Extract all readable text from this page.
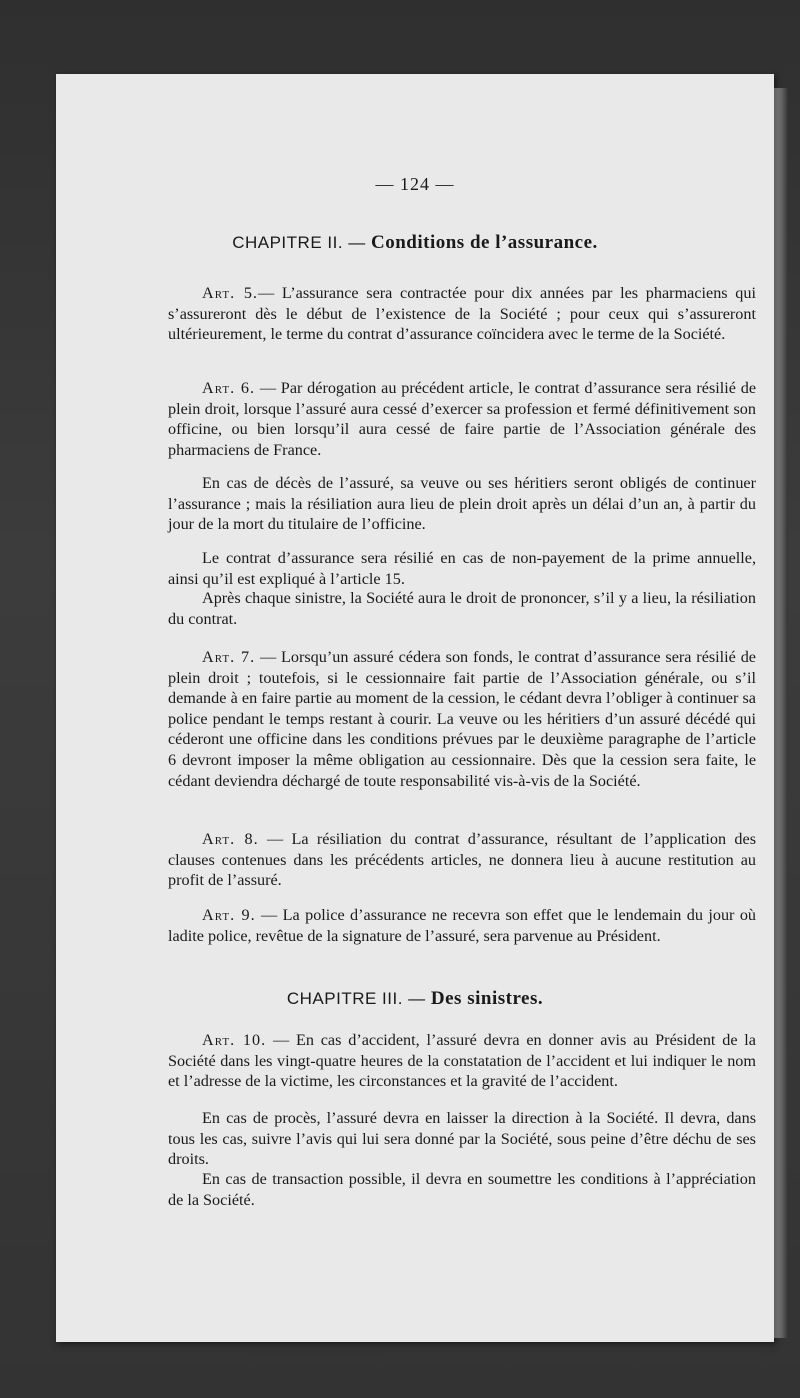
— 124 —
CHAPITRE II. — Conditions de l’assurance.

Art. 5.— L’assurance sera contractée pour dix années par les pharmaciens qui s’assureront dès le début de l’existence de la Société ; pour ceux qui s’assureront ultérieurement, le terme du contrat d’assurance coïncidera avec le terme de la Société.

Art. 6. — Par dérogation au précédent article, le contrat d’assurance sera résilié de plein droit, lorsque l’assuré aura cessé d’exercer sa profession et fermé définitivement son officine, ou bien lorsqu’il aura cessé de faire partie de l’Association générale des pharmaciens de France.

En cas de décès de l’assuré, sa veuve ou ses héritiers seront obligés de continuer l’assurance ; mais la résiliation aura lieu de plein droit après un délai d’un an, à partir du jour de la mort du titulaire de l’officine.

Le contrat d’assurance sera résilié en cas de non-payement de la prime annuelle, ainsi qu’il est expliqué à l’article 15.

Après chaque sinistre, la Société aura le droit de prononcer, s’il y a lieu, la résiliation du contrat.

Art. 7. — Lorsqu’un assuré cédera son fonds, le contrat d’assurance sera résilié de plein droit ; toutefois, si le cessionnaire fait partie de l’Association générale, ou s’il demande à en faire partie au moment de la cession, le cédant devra l’obliger à continuer sa police pendant le temps restant à courir. La veuve ou les héritiers d’un assuré décédé qui céderont une officine dans les conditions prévues par le deuxième paragraphe de l’article 6 devront imposer la même obligation au cessionnaire. Dès que la cession sera faite, le cédant deviendra déchargé de toute responsabilité vis-à-vis de la Société.

Art. 8. — La résiliation du contrat d’assurance, résultant de l’application des clauses contenues dans les précédents articles, ne donnera lieu à aucune restitution au profit de l’assuré.

Art. 9. — La police d’assurance ne recevra son effet que le lendemain du jour où ladite police, revêtue de la signature de l’assuré, sera parvenue au Président.

CHAPITRE III. — Des sinistres.

Art. 10. — En cas d’accident, l’assuré devra en donner avis au Président de la Société dans les vingt-quatre heures de la constatation de l’accident et lui indiquer le nom et l’adresse de la victime, les circonstances et la gravité de l’accident.

En cas de procès, l’assuré devra en laisser la direction à la Société. Il devra, dans tous les cas, suivre l’avis qui lui sera donné par la Société, sous peine d’être déchu de ses droits.

En cas de transaction possible, il devra en soumettre les conditions à l’appréciation de la Société.
